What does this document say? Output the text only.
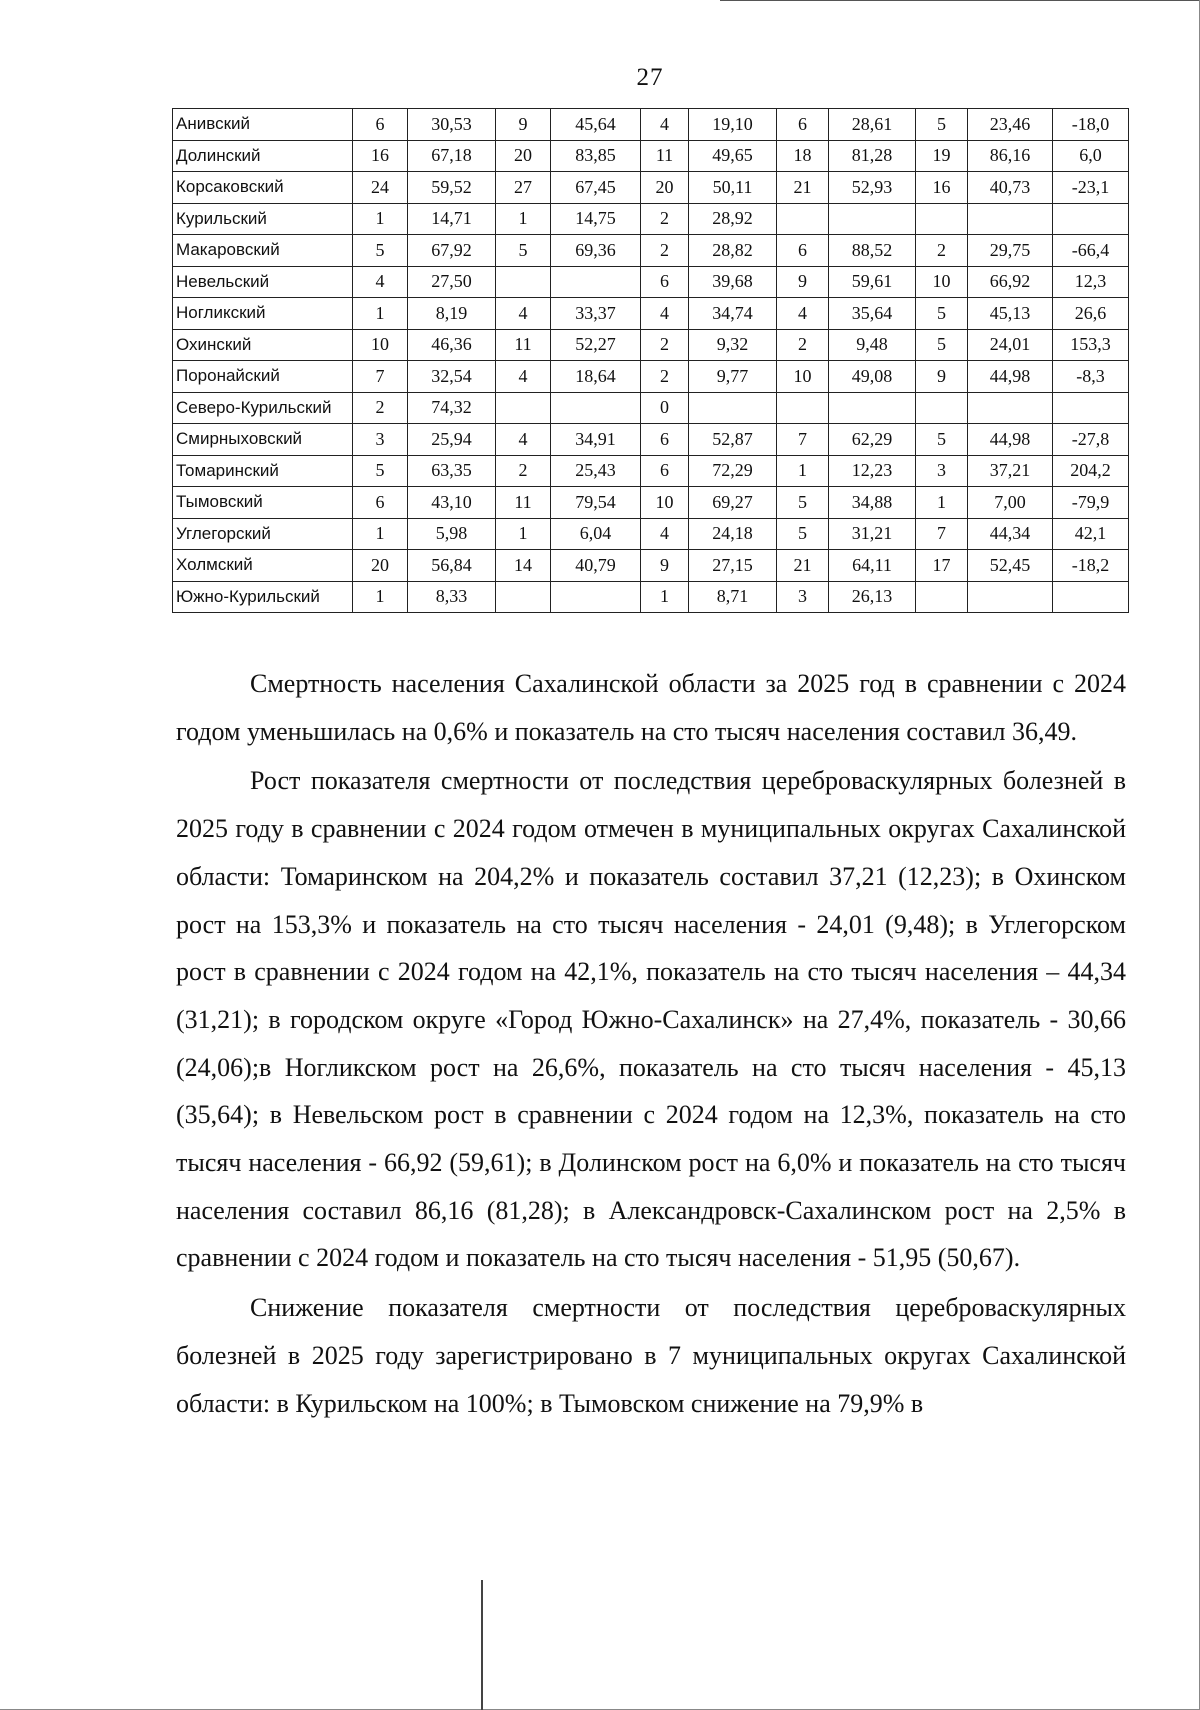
27
Анивский	6	30,53	9	45,64	4	19,10	6	28,61	5	23,46	-18,0
Долинский	16	67,18	20	83,85	11	49,65	18	81,28	19	86,16	6,0
Корсаковский	24	59,52	27	67,45	20	50,11	21	52,93	16	40,73	-23,1
Курильский	1	14,71	1	14,75	2	28,92					
Макаровский	5	67,92	5	69,36	2	28,82	6	88,52	2	29,75	-66,4
Невельский	4	27,50			6	39,68	9	59,61	10	66,92	12,3
Ногликский	1	8,19	4	33,37	4	34,74	4	35,64	5	45,13	26,6
Охинский	10	46,36	11	52,27	2	9,32	2	9,48	5	24,01	153,3
Поронайский	7	32,54	4	18,64	2	9,77	10	49,08	9	44,98	-8,3
Северо-Курильский	2	74,32			0						
Смирныховский	3	25,94	4	34,91	6	52,87	7	62,29	5	44,98	-27,8
Томаринский	5	63,35	2	25,43	6	72,29	1	12,23	3	37,21	204,2
Тымовский	6	43,10	11	79,54	10	69,27	5	34,88	1	7,00	-79,9
Углегорский	1	5,98	1	6,04	4	24,18	5	31,21	7	44,34	42,1
Холмский	20	56,84	14	40,79	9	27,15	21	64,11	17	52,45	-18,2
Южно-Курильский	1	8,33			1	8,71	3	26,13			

Смертность населения Сахалинской области за 2025 год в сравнении с 2024 годом уменьшилась на 0,6% и показатель на сто тысяч населения составил 36,49.

Рост показателя смертности от последствия цереброваскулярных болезней в 2025 году в сравнении с 2024 годом отмечен в муниципальных округах Сахалинской области: Томаринском на 204,2% и показатель составил 37,21 (12,23); в Охинском рост на 153,3% и показатель на сто тысяч населения - 24,01 (9,48); в Углегорском рост в сравнении с 2024 годом на 42,1%, показатель на сто тысяч населения – 44,34 (31,21); в городском округе «Город Южно-Сахалинск» на 27,4%, показатель - 30,66 (24,06);в Ногликском рост на 26,6%, показатель на сто тысяч населения - 45,13 (35,64); в Невельском рост в сравнении с 2024 годом на 12,3%, показатель на сто тысяч населения - 66,92 (59,61); в Долинском рост на 6,0% и показатель на сто тысяч населения составил 86,16 (81,28); в Александровск-Сахалинском рост на 2,5% в сравнении с 2024 годом и показатель на сто тысяч населения - 51,95 (50,67).

Снижение показателя смертности от последствия цереброваскулярных болезней в 2025 году зарегистрировано в 7 муниципальных округах Сахалинской области: в Курильском на 100%; в Тымовском снижение на 79,9% в
